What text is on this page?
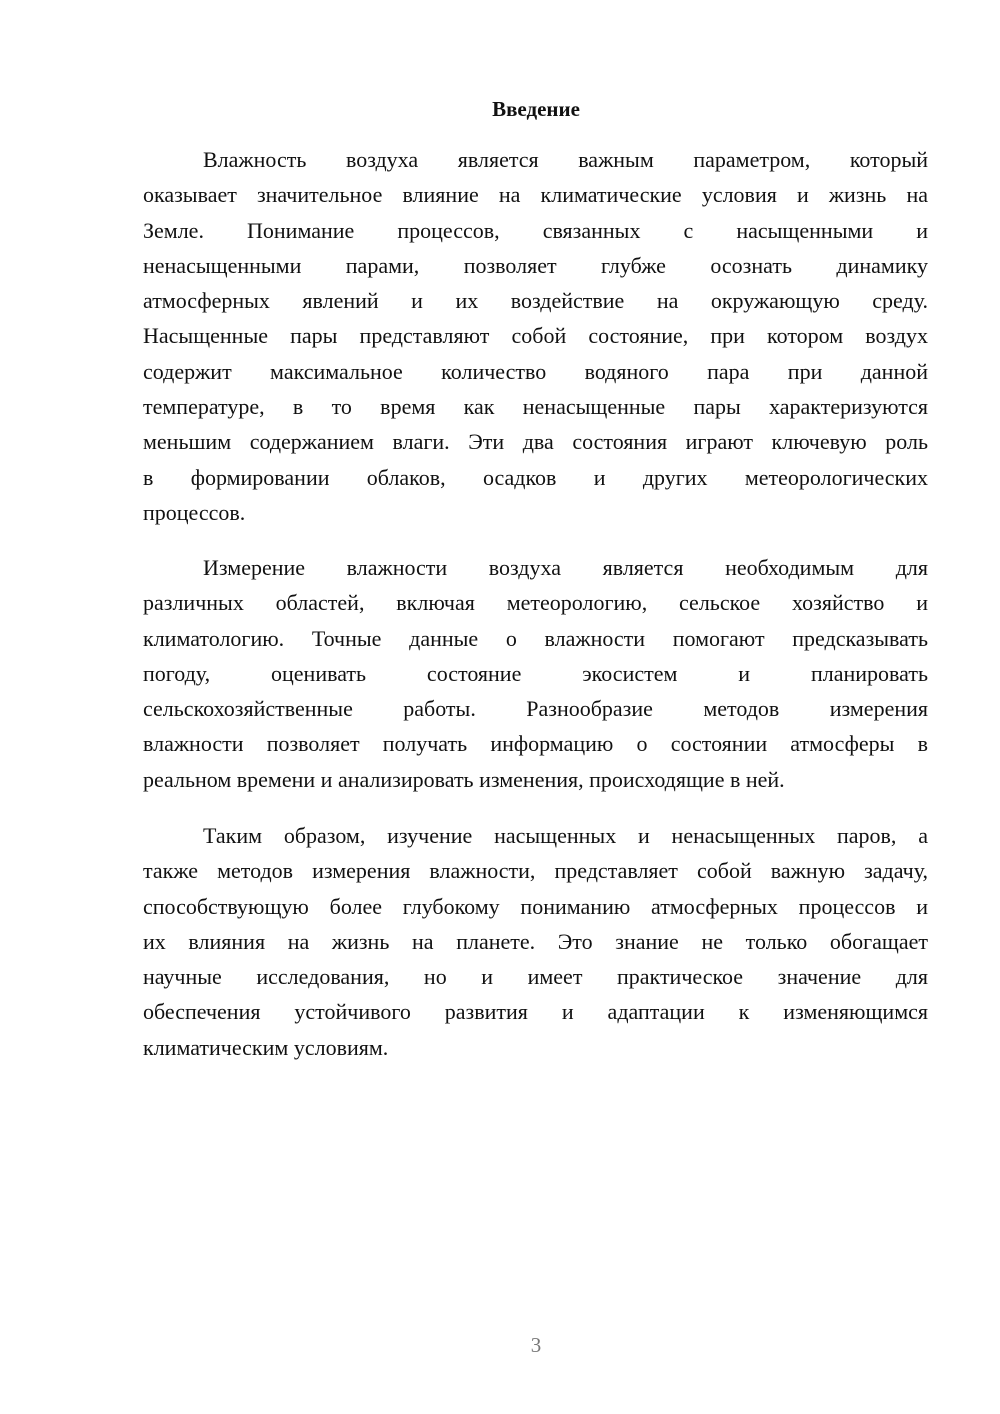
Введение
Влажность воздуха является важным параметром, который
оказывает значительное влияние на климатические условия и жизнь на
Земле. Понимание процессов, связанных с насыщенными и
ненасыщенными парами, позволяет глубже осознать динамику
атмосферных явлений и их воздействие на окружающую среду.
Насыщенные пары представляют собой состояние, при котором воздух
содержит максимальное количество водяного пара при данной
температуре, в то время как ненасыщенные пары характеризуются
меньшим содержанием влаги. Эти два состояния играют ключевую роль
в формировании облаков, осадков и других метеорологических
процессов.
Измерение влажности воздуха является необходимым для
различных областей, включая метеорологию, сельское хозяйство и
климатологию. Точные данные о влажности помогают предсказывать
погоду, оценивать состояние экосистем и планировать
сельскохозяйственные работы. Разнообразие методов измерения
влажности позволяет получать информацию о состоянии атмосферы в
реальном времени и анализировать изменения, происходящие в ней.
Таким образом, изучение насыщенных и ненасыщенных паров, а
также методов измерения влажности, представляет собой важную задачу,
способствующую более глубокому пониманию атмосферных процессов и
их влияния на жизнь на планете. Это знание не только обогащает
научные исследования, но и имеет практическое значение для
обеспечения устойчивого развития и адаптации к изменяющимся
климатическим условиям.
3
